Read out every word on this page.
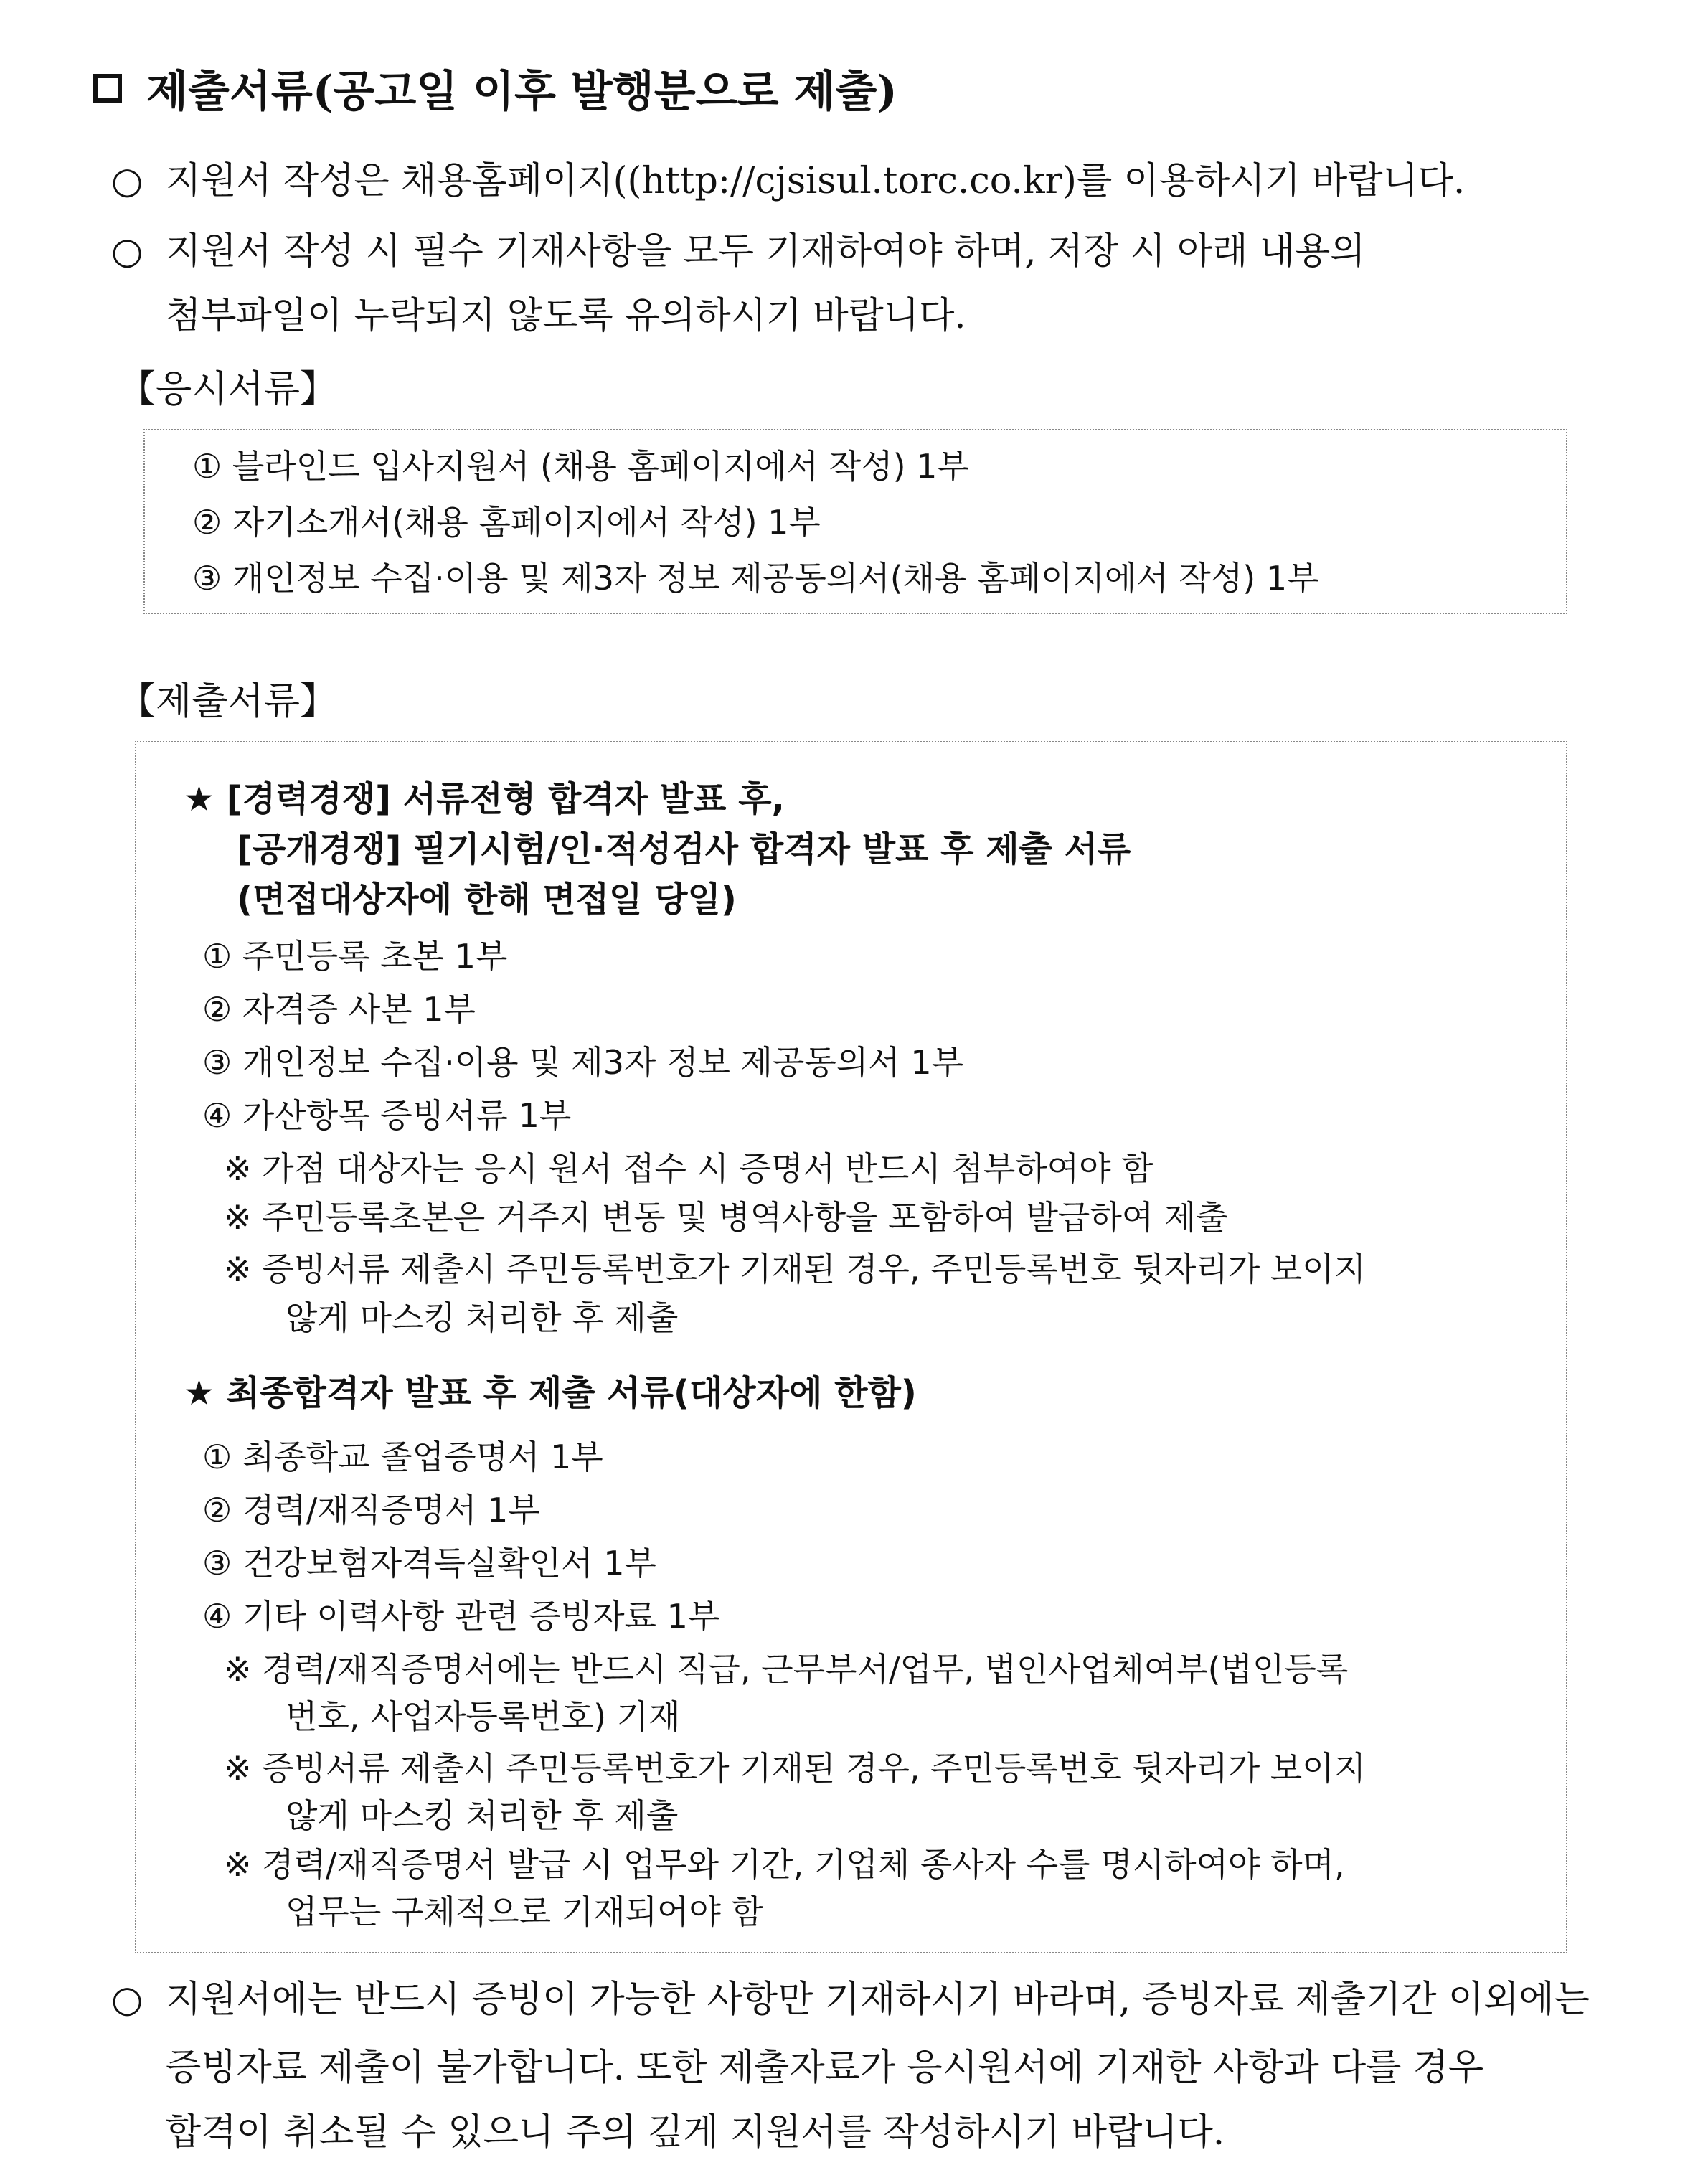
제출서류(공고일 이후 발행분으로 제출)
○ 지원서 작성은 채용홈페이지((http://cjsisul.torc.co.kr)를 이용하시기 바랍니다.
○ 지원서 작성 시 필수 기재사항을 모두 기재하여야 하며, 저장 시 아래 내용의
첨부파일이 누락되지 않도록 유의하시기 바랍니다.
【응시서류】
① 블라인드 입사지원서 (채용 홈페이지에서 작성) 1부
② 자기소개서(채용 홈페이지에서 작성) 1부
③ 개인정보 수집·이용 및 제3자 정보 제공동의서(채용 홈페이지에서 작성) 1부
【제출서류】
★ [경력경쟁] 서류전형 합격자 발표 후,
[공개경쟁] 필기시험/인·적성검사 합격자 발표 후 제출 서류
(면접대상자에 한해 면접일 당일)
① 주민등록 초본 1부
② 자격증 사본 1부
③ 개인정보 수집·이용 및 제3자 정보 제공동의서 1부
④ 가산항목 증빙서류 1부
※ 가점 대상자는 응시 원서 접수 시 증명서 반드시 첨부하여야 함
※ 주민등록초본은 거주지 변동 및 병역사항을 포함하여 발급하여 제출
※ 증빙서류 제출시 주민등록번호가 기재된 경우, 주민등록번호 뒷자리가 보이지
않게 마스킹 처리한 후 제출
★ 최종합격자 발표 후 제출 서류(대상자에 한함)
① 최종학교 졸업증명서 1부
② 경력/재직증명서 1부
③ 건강보험자격득실확인서 1부
④ 기타 이력사항 관련 증빙자료 1부
※ 경력/재직증명서에는 반드시 직급, 근무부서/업무, 법인사업체여부(법인등록
번호, 사업자등록번호) 기재
※ 증빙서류 제출시 주민등록번호가 기재된 경우, 주민등록번호 뒷자리가 보이지
않게 마스킹 처리한 후 제출
※ 경력/재직증명서 발급 시 업무와 기간, 기업체 종사자 수를 명시하여야 하며,
업무는 구체적으로 기재되어야 함
○ 지원서에는 반드시 증빙이 가능한 사항만 기재하시기 바라며, 증빙자료 제출기간 이외에는
증빙자료 제출이 불가합니다. 또한 제출자료가 응시원서에 기재한 사항과 다를 경우
합격이 취소될 수 있으니 주의 깊게 지원서를 작성하시기 바랍니다.
